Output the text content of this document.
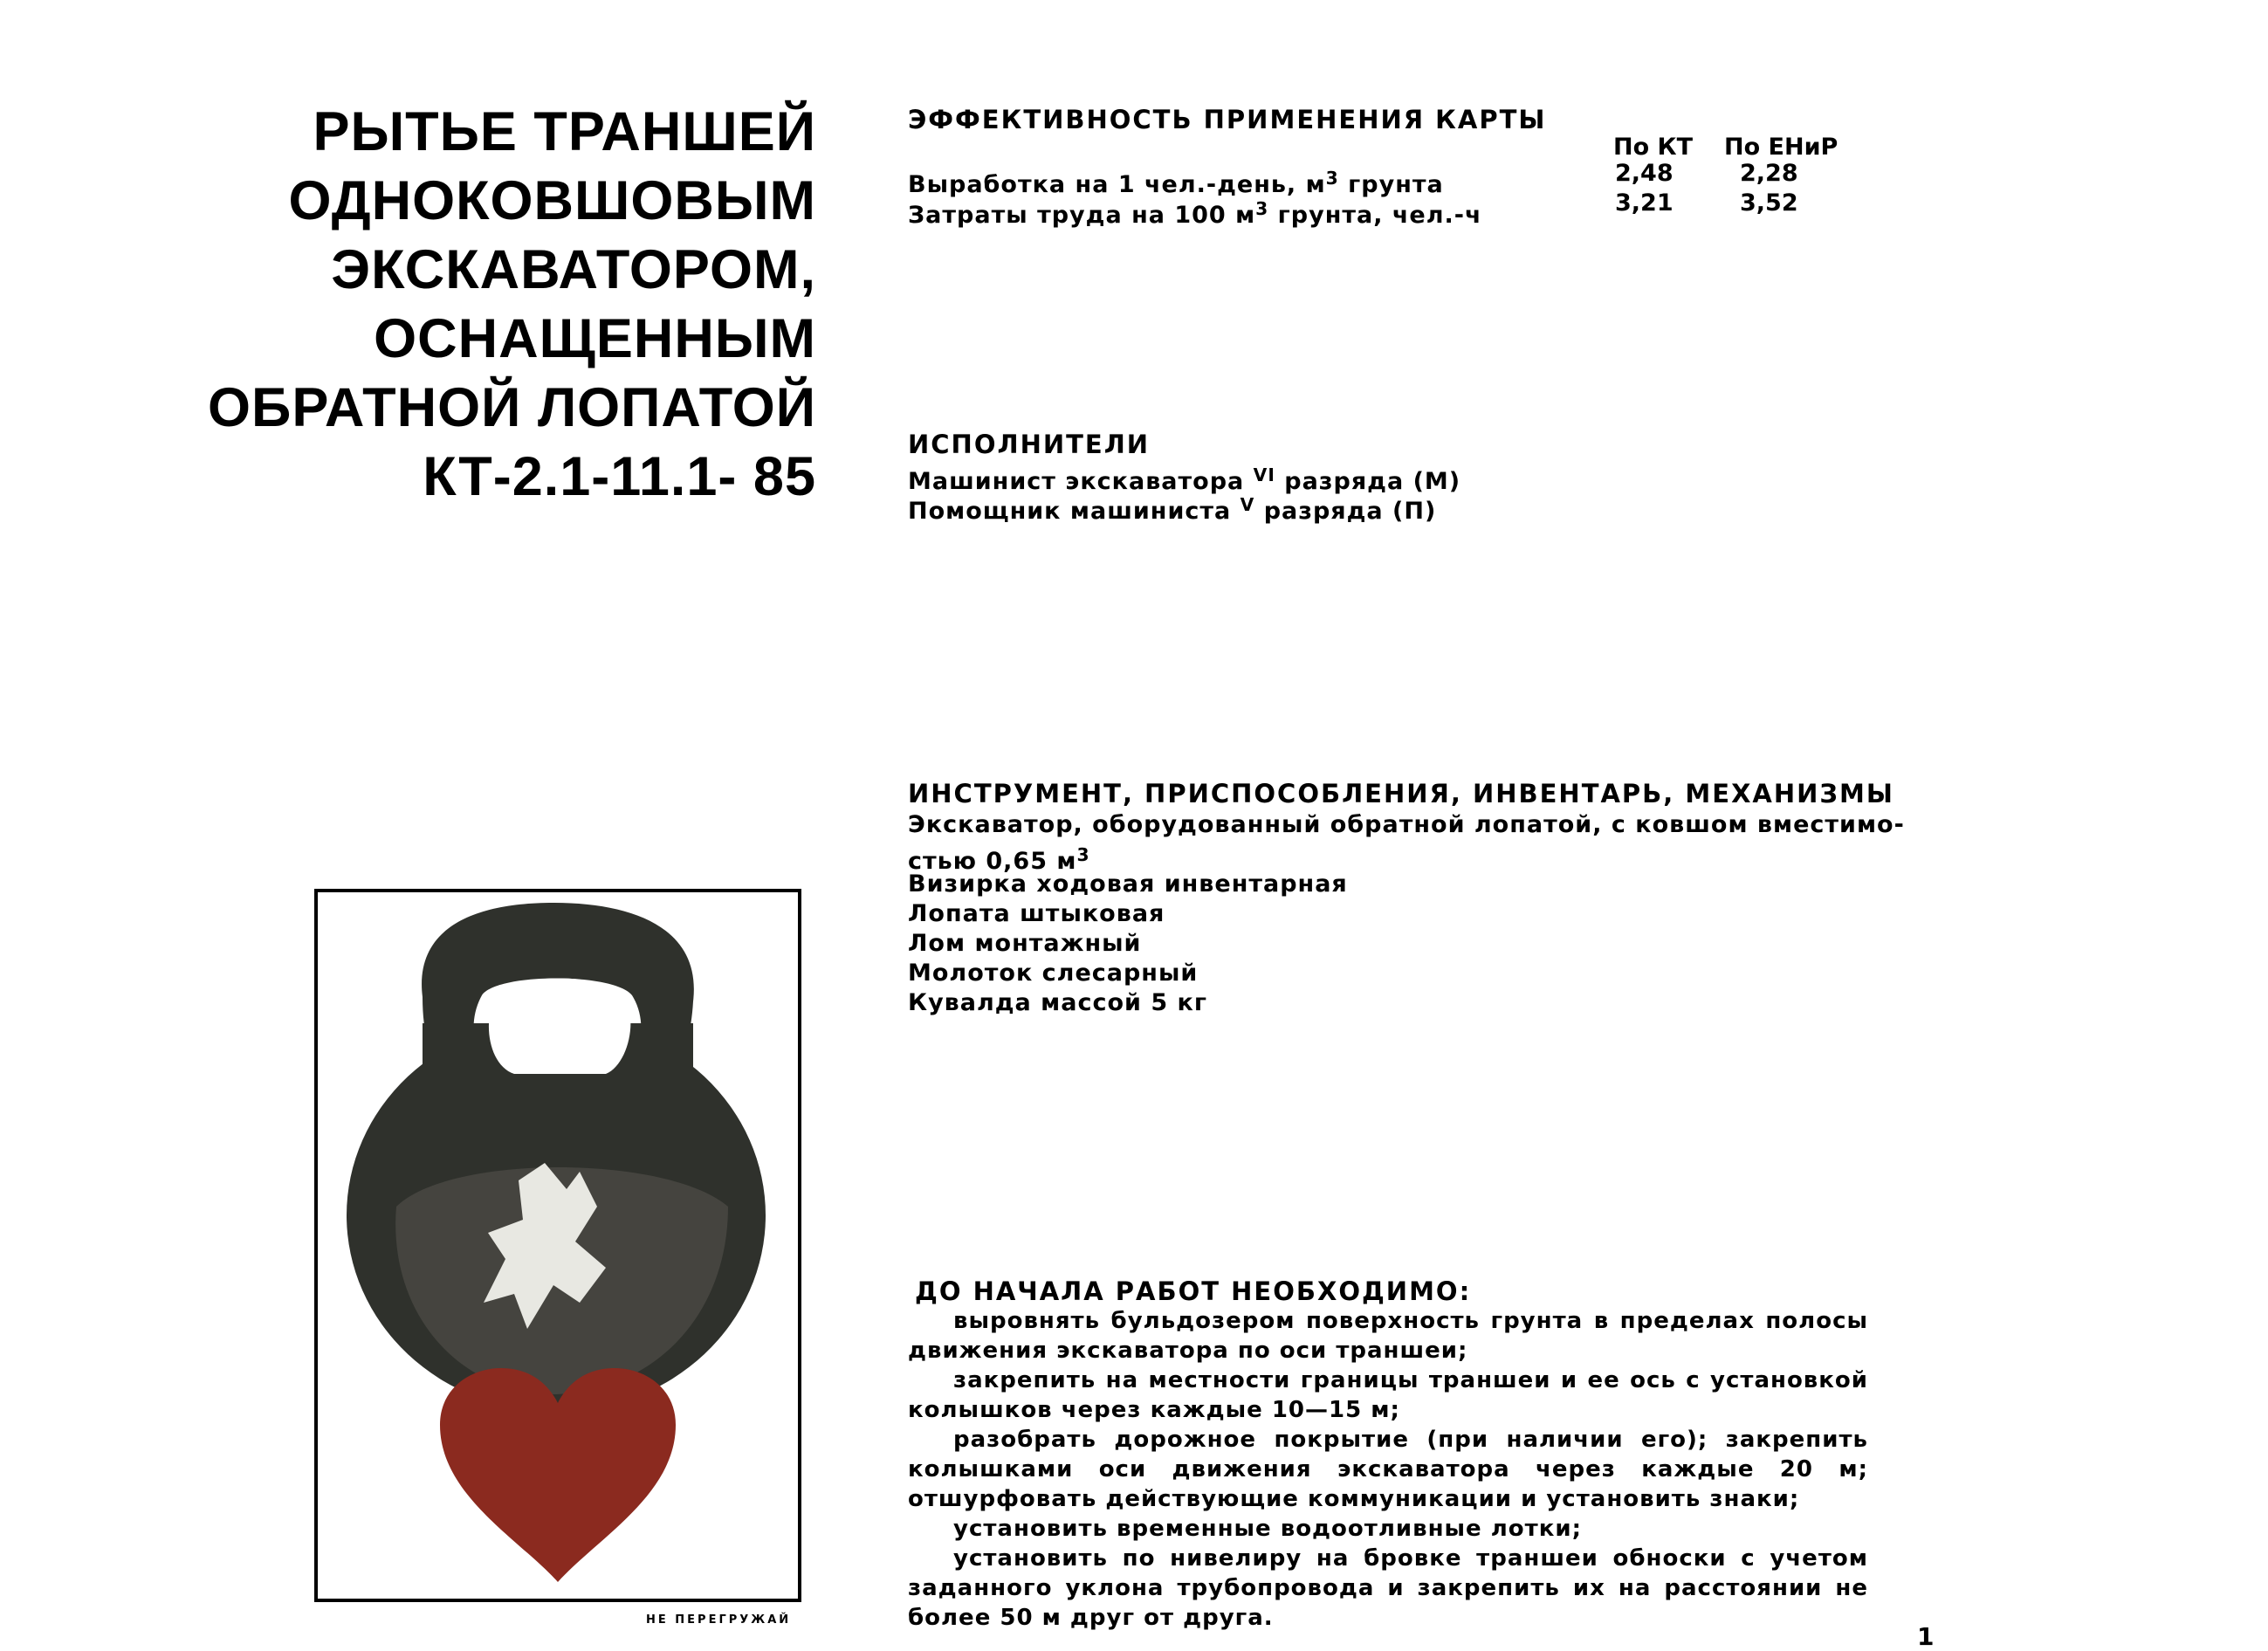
РЫТЬЕ ТРАНШЕЙ
ОДНОКОВШОВЫМ
ЭКСКАВАТОРОМ,
ОСНАЩЕННЫМ
ОБРАТНОЙ ЛОПАТОЙ
КТ-2.1-11.1- 85
ЭФФЕКТИВНОСТЬ ПРИМЕНЕНИЯ КАРТЫ
По КТ По ЕНиР
Выработка на 1 чел.-день, $м^3$ грунта	2,48	2,28
Затраты труда на 100 $м^3$ грунта, чел.-ч	3,21	3,52
ИСПОЛНИТЕЛИ
Машинист экскаватора $^{VI}$ разряда (М)
Помощник машиниста $^V$ разряда (П)
ИНСТРУМЕНТ, ПРИСПОСОБЛЕНИЯ, ИНВЕНТАРЬ, МЕХАНИЗМЫ
Экскаватор, оборудованный обратной лопатой, с ковшом вместимо-
стью 0,65 $м^3$
Визирка ходовая инвентарная
Лопата штыковая
Лом монтажный
Молоток слесарный
Кувалда массой 5 кг
ДО НАЧАЛА РАБОТ НЕОБХОДИМО:
выровнять бульдозером поверхность грунта в пределах полосы движения экскаватора по оси траншеи;
закрепить на местности границы траншеи и ее ось с установкой колышков через каждые 10—15 м;
разобрать дорожное покрытие (при наличии его); закрепить колышками оси движения экскаватора через каждые 20 м; отшурфовать действующие коммуникации и установить знаки;
установить временные водоотливные лотки;
установить по нивелиру на бровке траншеи обноски с учетом заданного уклона трубопровода и закрепить их на расстоянии не более 50 м друг от друга.
НЕ ПЕРЕГРУЖАЙ
1
